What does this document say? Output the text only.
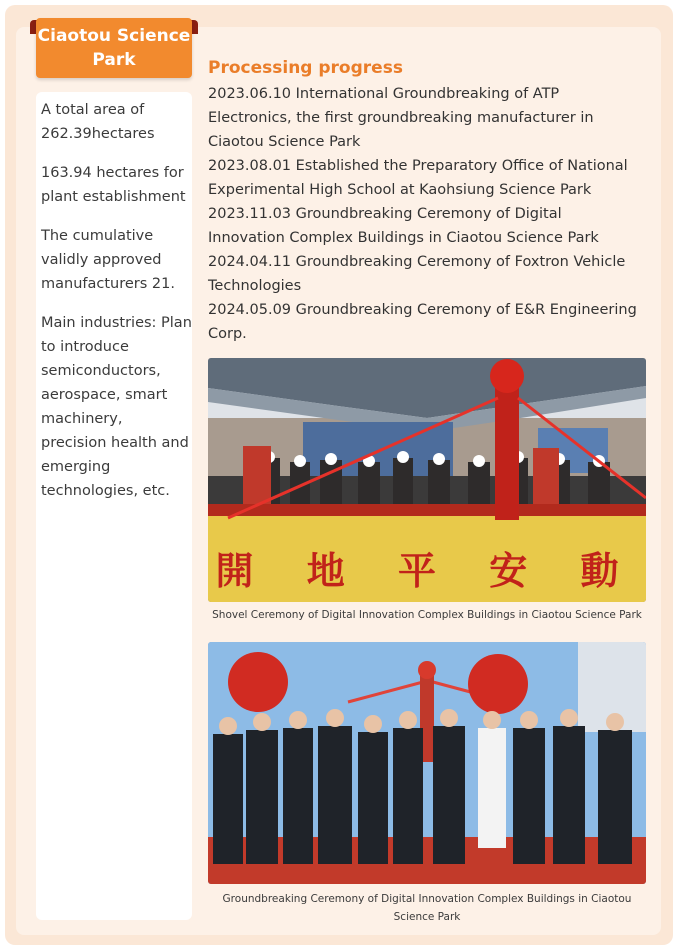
Ciaotou Science
Park

A total area of 262.39hectares

163.94 hectares for plant establishment

The cumulative validly approved manufacturers 21.

Main industries: Plan to introduce semiconductors, aerospace, smart machinery, precision health and emerging technologies, etc.

Processing progress
2023.06.10 International Groundbreaking of ATP Electronics, the first groundbreaking manufacturer in Ciaotou Science Park
2023.08.01 Established the Preparatory Office of National Experimental High School at Kaohsiung Science Park
2023.11.03 Groundbreaking Ceremony of Digital Innovation Complex Buildings in Ciaotou Science Park
2024.04.11 Groundbreaking Ceremony of Foxtron Vehicle Technologies
2024.05.09 Groundbreaking Ceremony of E&R Engineering Corp.
開 地 平 安 動
Shovel Ceremony of Digital Innovation Complex Buildings in Ciaotou Science Park
Groundbreaking Ceremony of Digital Innovation Complex Buildings in Ciaotou Science Park
